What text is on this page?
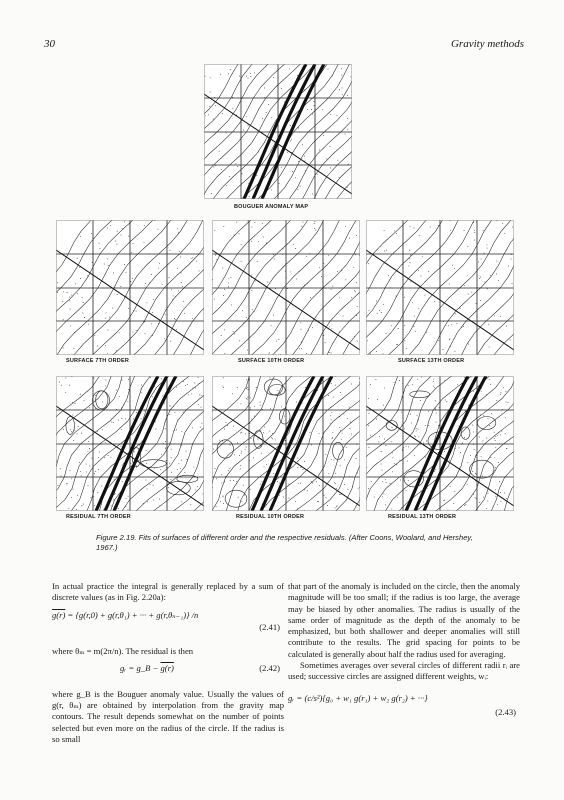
30	Gravity methods
BOUGUER ANOMALY MAP
SURFACE 7TH ORDER	SURFACE 10TH ORDER	SURFACE 13TH ORDER
RESIDUAL 7TH ORDER	RESIDUAL 10TH ORDER	RESIDUAL 13TH ORDER
Figure 2.19. Fits of surfaces of different order and the respective residuals. (After Coons, Woolard, and Hershey, 1967.)

In actual practice the integral is generally replaced by a sum of discrete values (as in Fig. 2.20a):

g(r) = {g(r,0) + g(r,θ₁) + ··· + g(r,θₙ₋₁)} /n
(2.41)

where θₘ = m(2π/n). The residual is then

gᵣ = g_B − g(r)	(2.42)

where g_B is the Bouguer anomaly value. Usually the values of g(r, θₘ) are obtained by interpolation from the gravity map contours. The result depends somewhat on the number of points selected but even more on the radius of the circle. If the radius is so small

that part of the anomaly is included on the circle, then the anomaly magnitude will be too small; if the radius is too large, the average may be biased by other anomalies. The radius is usually of the same order of magnitude as the depth of the anomaly to be emphasized, but both shallower and deeper anomalies will still contribute to the results. The grid spacing for points to be calculated is generally about half the radius used for averaging.

Sometimes averages over several circles of different radii rᵢ are used; successive circles are assigned different weights, wᵢ:

gᵣ = (c/s²){g₀ + w₁ g(r₁) + w₂ g(r₂) + ···}
(2.43)
